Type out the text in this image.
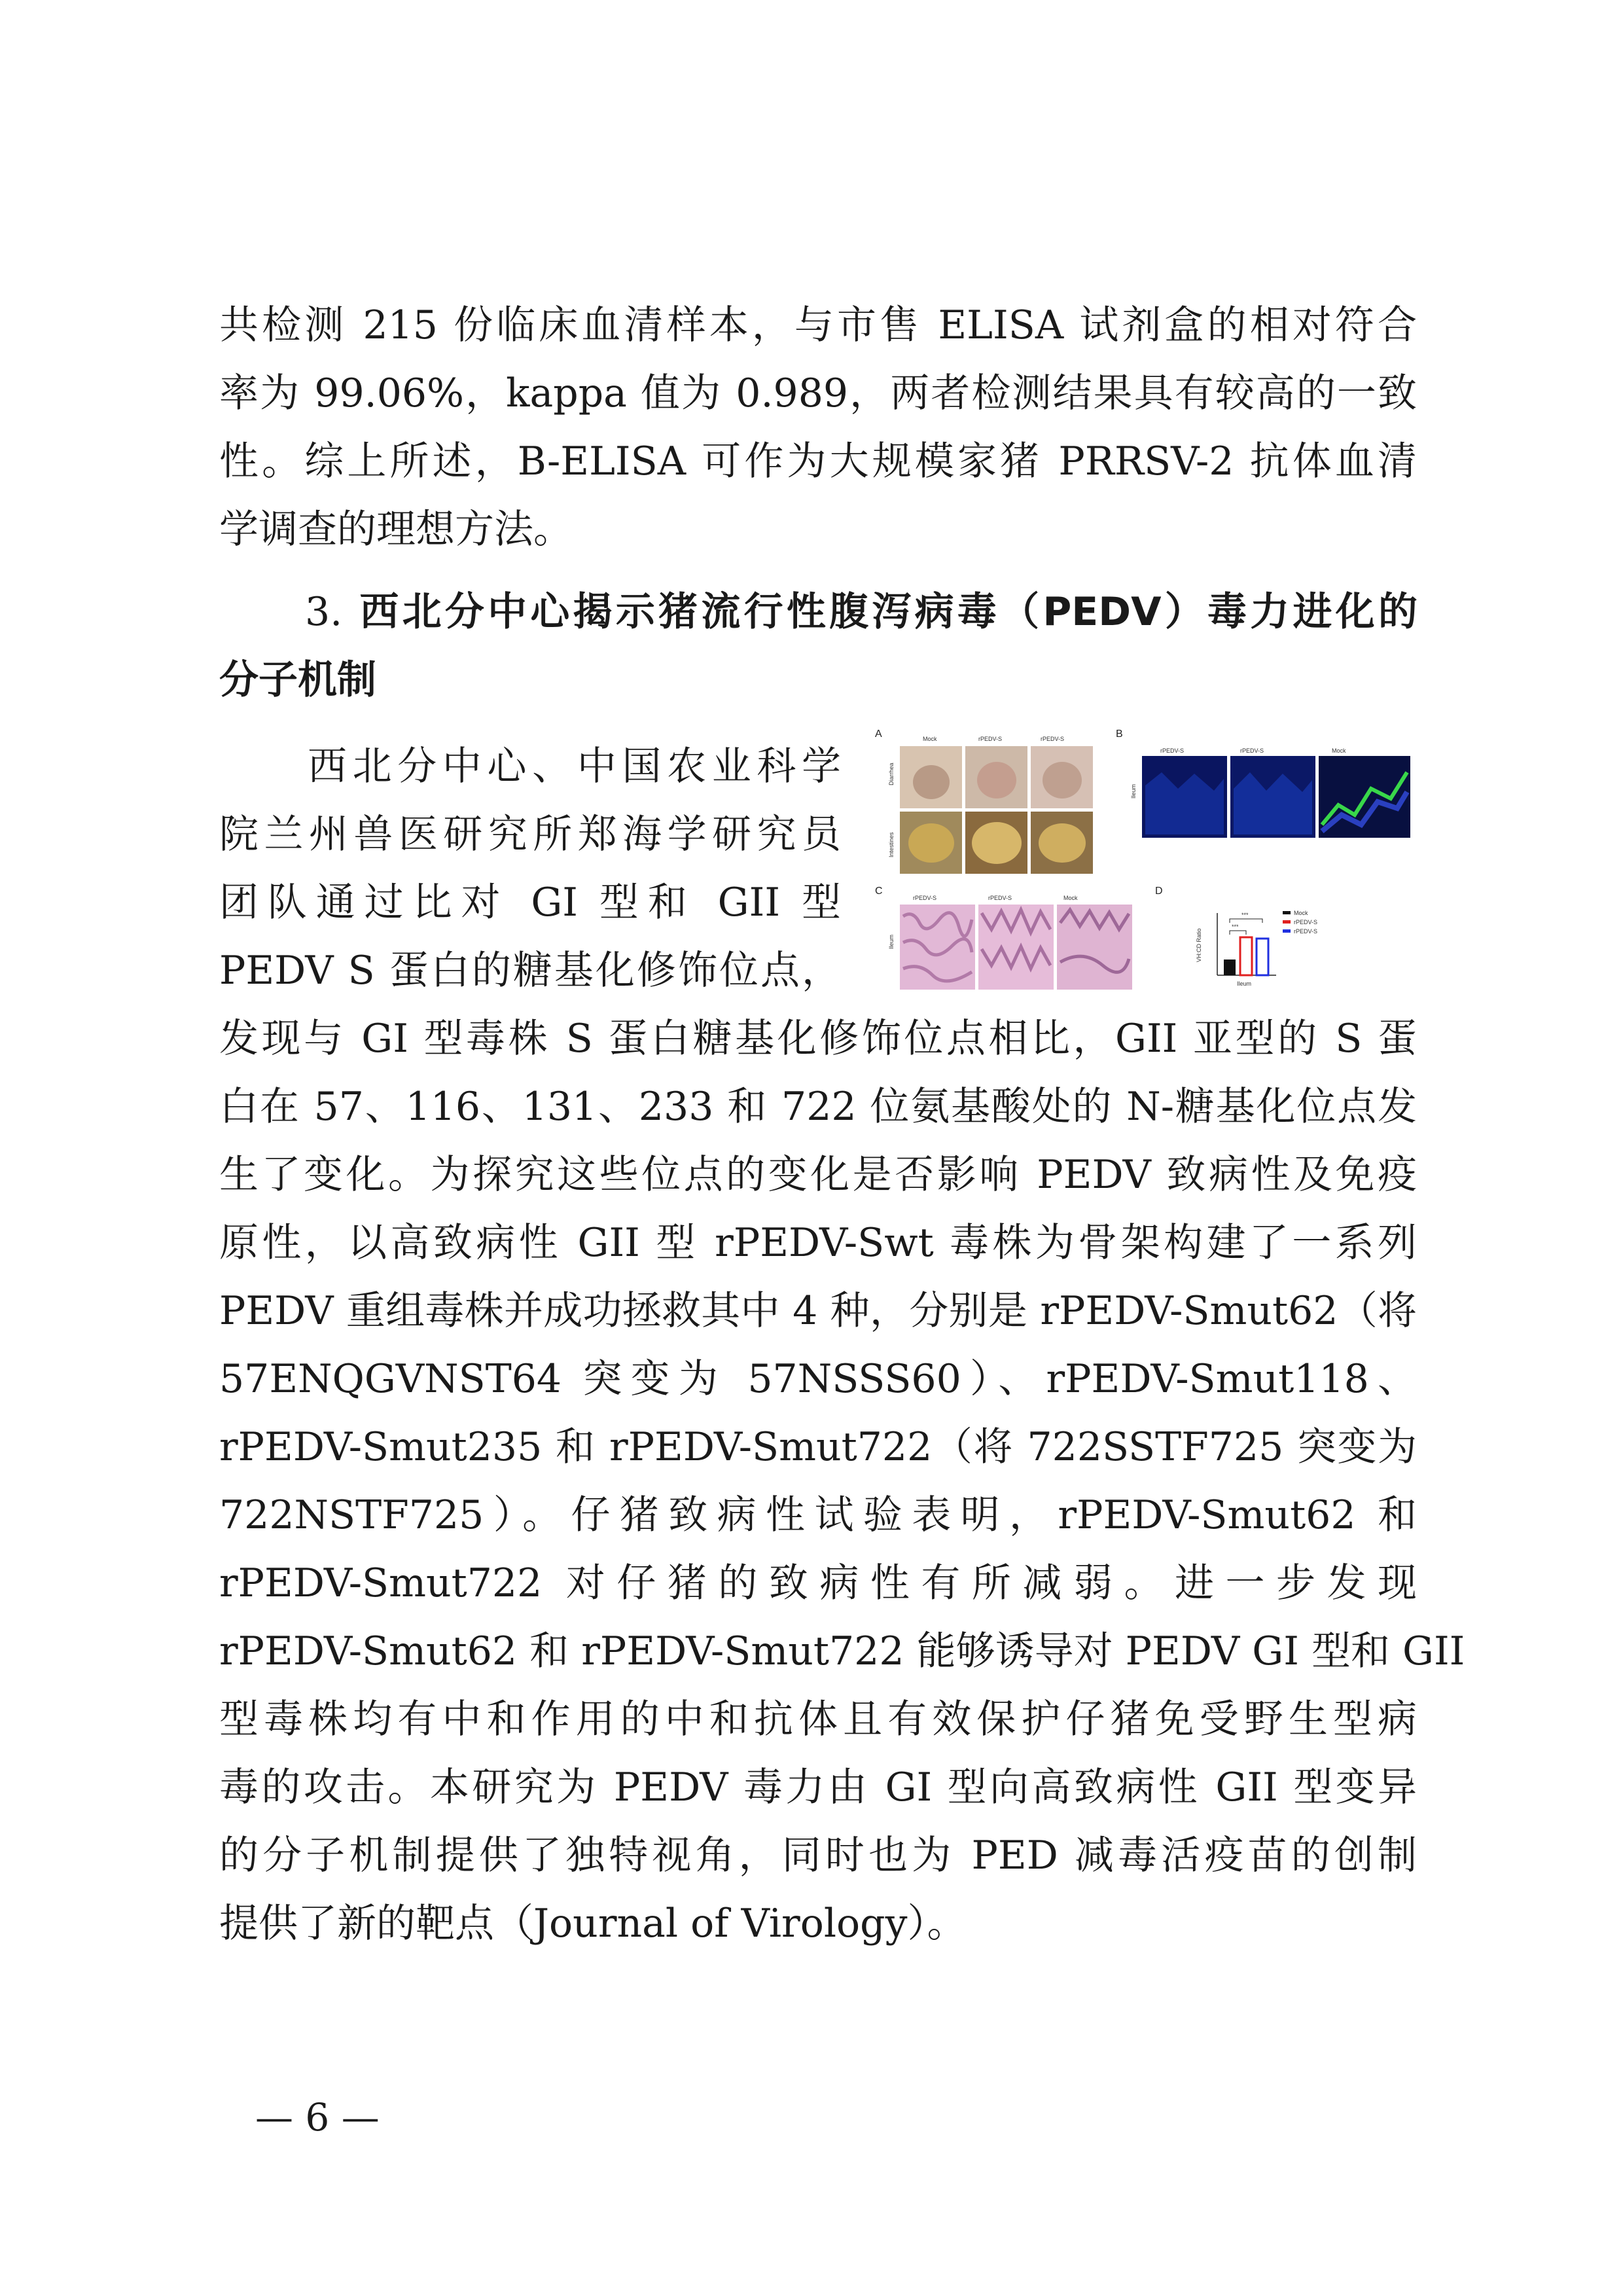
共检测 215 份临床血清样本，与市售 ELISA 试剂盒的相对符合
率为 99.06%，kappa 值为 0.989，两者检测结果具有较高的一致
性。综上所述，B-ELISA 可作为大规模家猪 PRRSV-2 抗体血清
学调查的理想方法。
3. 西北分中心揭示猪流行性腹泻病毒（PEDV）毒力进化的
分子机制
西北分中心、中国农业科学
院兰州兽医研究所郑海学研究员
团队通过比对 GI 型和 GII 型
PEDV S 蛋白的糖基化修饰位点，
发现与 GI 型毒株 S 蛋白糖基化修饰位点相比，GII 亚型的 S 蛋
白在 57、116、131、233 和 722 位氨基酸处的 N-糖基化位点发
生了变化。为探究这些位点的变化是否影响 PEDV 致病性及免疫
原性，以高致病性 GII 型 rPEDV-Swt 毒株为骨架构建了一系列
PEDV 重组毒株并成功拯救其中 4 种，分别是 rPEDV-Smut62（将
57ENQGVNST64 突变为 57NSSS60）、rPEDV-Smut118、
rPEDV-Smut235 和 rPEDV-Smut722（将 722SSTF725 突变为
722NSTF725）。仔猪致病性试验表明，rPEDV-Smut62 和
rPEDV-Smut722 对仔猪的致病性有所减弱。进一步发现
rPEDV-Smut62 和 rPEDV-Smut722 能够诱导对 PEDV GI 型和 GII
型毒株均有中和作用的中和抗体且有效保护仔猪免受野生型病
毒的攻击。本研究为 PEDV 毒力由 GI 型向高致病性 GII 型变异
的分子机制提供了独特视角，同时也为 PED 减毒活疫苗的创制
提供了新的靶点（Journal of Virology）。
A	Mock	rPEDV-S	rPEDV-S
Diarrhea
Intestines
B
rPEDV-S	rPEDV-S	Mock
Ileum
C
rPEDV-S	rPEDV-S	Mock
Ileum
D
VH:CD Ratio
Ileum
***
***	Mock
rPEDV-S
rPEDV-S
— 6 —
